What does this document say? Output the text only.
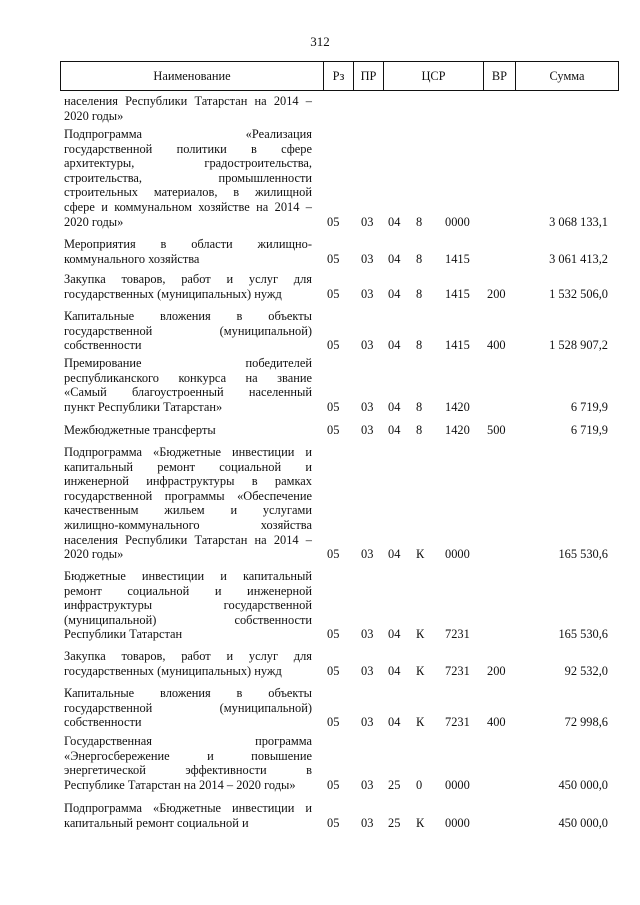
312
Наименование	Рз	ПР	ЦСР	ВР	Сумма
населения Республики Татарстан на 2014 –
2020 годы»
Подпрограмма «Реализация
государственной политики в сфере
архитектуры, градостроительства,
строительства, промышленности
строительных материалов, в жилищной
сфере и коммунальном хозяйстве на 2014 –
2020 годы»	05 03 04 8 0000	3 068 133,1
Мероприятия в области жилищно-
коммунального хозяйства	05 03 04 8 1415	3 061 413,2
Закупка товаров, работ и услуг для
государственных (муниципальных) нужд	05 03 04 8 1415 200	1 532 506,0
Капитальные вложения в объекты
государственной (муниципальной)
собственности	05 03 04 8 1415 400	1 528 907,2
Премирование победителей
республиканского конкурса на звание
«Самый благоустроенный населенный
пункт Республики Татарстан»	05 03 04 8 1420	6 719,9
Межбюджетные трансферты	05 03 04 8 1420 500	6 719,9
Подпрограмма «Бюджетные инвестиции и
капитальный ремонт социальной и
инженерной инфраструктуры в рамках
государственной программы «Обеспечение
качественным жильем и услугами
жилищно-коммунального хозяйства
населения Республики Татарстан на 2014 –
2020 годы»	05 03 04 К 0000	165 530,6
Бюджетные инвестиции и капитальный
ремонт социальной и инженерной
инфраструктуры государственной
(муниципальной) собственности
Республики Татарстан	05 03 04 К 7231	165 530,6
Закупка товаров, работ и услуг для
государственных (муниципальных) нужд	05 03 04 К 7231 200	92 532,0
Капитальные вложения в объекты
государственной (муниципальной)
собственности	05 03 04 К 7231 400	72 998,6
Государственная программа
«Энергосбережение и повышение
энергетической эффективности в
Республике Татарстан на 2014 – 2020 годы»	05 03 25 0 0000	450 000,0
Подпрограмма «Бюджетные инвестиции и
капитальный ремонт социальной и	05 03 25 К 0000	450 000,0
